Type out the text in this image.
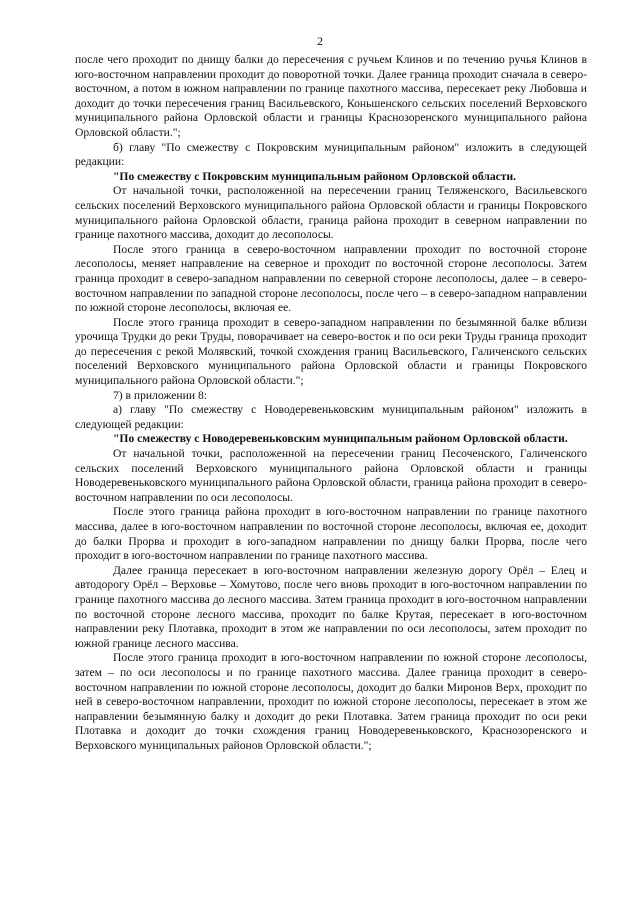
2

после чего проходит по днищу балки до пересечения с ручьем Клинов и по течению ручья Клинов в юго-восточном направлении проходит до поворотной точки. Далее граница проходит сначала в северо-восточном, а потом в южном направлении по границе пахотного массива, пересекает реку Любовша и доходит до точки пересечения границ Васильевского, Коньшенского сельских поселений Верховского муниципального района Орловской области и границы Краснозоренского муниципального района Орловской области.";

б) главу "По смежеству с Покровским муниципальным районом" изложить в следующей редакции:

"По смежеству с Покровским муниципальным районом Орловской области.

От начальной точки, расположенной на пересечении границ Теляженского, Васильевского сельских поселений Верховского муниципального района Орловской области и границы Покровского муниципального района Орловской области, граница района проходит в северном направлении по границе пахотного массива, доходит до лесополосы.

После этого граница в северо-восточном направлении проходит по восточной стороне лесополосы, меняет направление на северное и проходит по восточной стороне лесополосы. Затем граница проходит в северо-западном направлении по северной стороне лесополосы, далее – в северо-восточном направлении по западной стороне лесополосы, после чего – в северо-западном направлении по южной стороне лесополосы, включая ее.

После этого граница проходит в северо-западном направлении по безымянной балке вблизи урочища Трудки до реки Труды, поворачивает на северо-восток и по оси реки Труды граница проходит до пересечения с рекой Молявский, точкой схождения границ Васильевского, Галиченского сельских поселений Верховского муниципального района Орловской области и границы Покровского муниципального района Орловской области.";

7) в приложении 8:

а) главу "По смежеству с Новодеревеньковским муниципальным районом" изложить в следующей редакции:

"По смежеству с Новодеревеньковским муниципальным районом Орловской области.

От начальной точки, расположенной на пересечении границ Песоченского, Галиченского сельских поселений Верховского муниципального района Орловской области и границы Новодеревеньковского муниципального района Орловской области, граница района проходит в северо-восточном направлении по оси лесополосы.

После этого граница района проходит в юго-восточном направлении по границе пахотного массива, далее в юго-восточном направлении по восточной стороне лесополосы, включая ее, доходит до балки Прорва и проходит в юго-западном направлении по днищу балки Прорва, после чего проходит в юго-восточном направлении по границе пахотного массива.

Далее граница пересекает в юго-восточном направлении железную дорогу Орёл – Елец и автодорогу Орёл – Верховье – Хомутово, после чего вновь проходит в юго-восточном направлении по границе пахотного массива до лесного массива. Затем граница проходит в юго-восточном направлении по восточной стороне лесного массива, проходит по балке Крутая, пересекает в юго-восточном направлении реку Плотавка, проходит в этом же направлении по оси лесополосы, затем проходит по южной границе лесного массива.

После этого граница проходит в юго-восточном направлении по южной стороне лесополосы, затем – по оси лесополосы и по границе пахотного массива. Далее граница проходит в северо-восточном направлении по южной стороне лесополосы, доходит до балки Миронов Верх, проходит по ней в северо-восточном направлении, проходит по южной стороне лесополосы, пересекает в этом же направлении безымянную балку и доходит до реки Плотавка. Затем граница проходит по оси реки Плотавка и доходит до точки схождения границ Новодеревеньковского, Краснозоренского и Верховского муниципальных районов Орловской области.";
